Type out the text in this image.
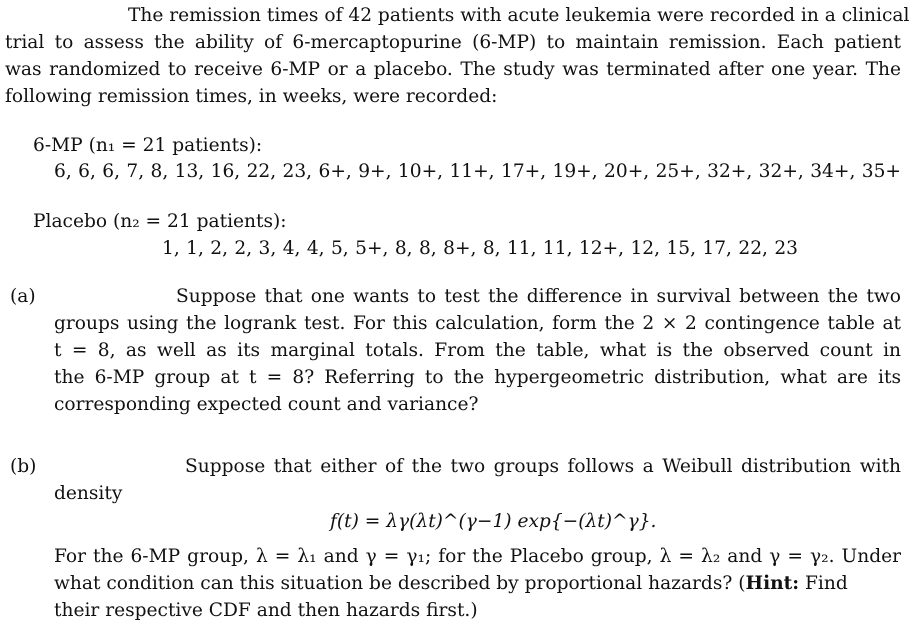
The remission times of 42 patients with acute leukemia were recorded in a clinical
trial to assess the ability of 6-mercaptopurine (6-MP) to maintain remission. Each patient
was randomized to receive 6-MP or a placebo. The study was terminated after one year. The
following remission times, in weeks, were recorded:
6-MP (n₁ = 21 patients):
6, 6, 6, 7, 8, 13, 16, 22, 23, 6+, 9+, 10+, 11+, 17+, 19+, 20+, 25+, 32+, 32+, 34+, 35+
Placebo (n₂ = 21 patients):
1, 1, 2, 2, 3, 4, 4, 5, 5+, 8, 8, 8+, 8, 11, 11, 12+, 12, 15, 17, 22, 23
(a)	Suppose that one wants to test the difference in survival between the two
groups using the logrank test. For this calculation, form the 2 × 2 contingence table at
t = 8, as well as its marginal totals. From the table, what is the observed count in
the 6-MP group at t = 8? Referring to the hypergeometric distribution, what are its
corresponding expected count and variance?
(b)	Suppose that either of the two groups follows a Weibull distribution with
density
f(t) = λγ(λt)^(γ−1) exp{−(λt)^γ}.
For the 6-MP group, λ = λ₁ and γ = γ₁; for the Placebo group, λ = λ₂ and γ = γ₂. Under
what condition can this situation be described by proportional hazards? (Hint: Find
their respective CDF and then hazards first.)
